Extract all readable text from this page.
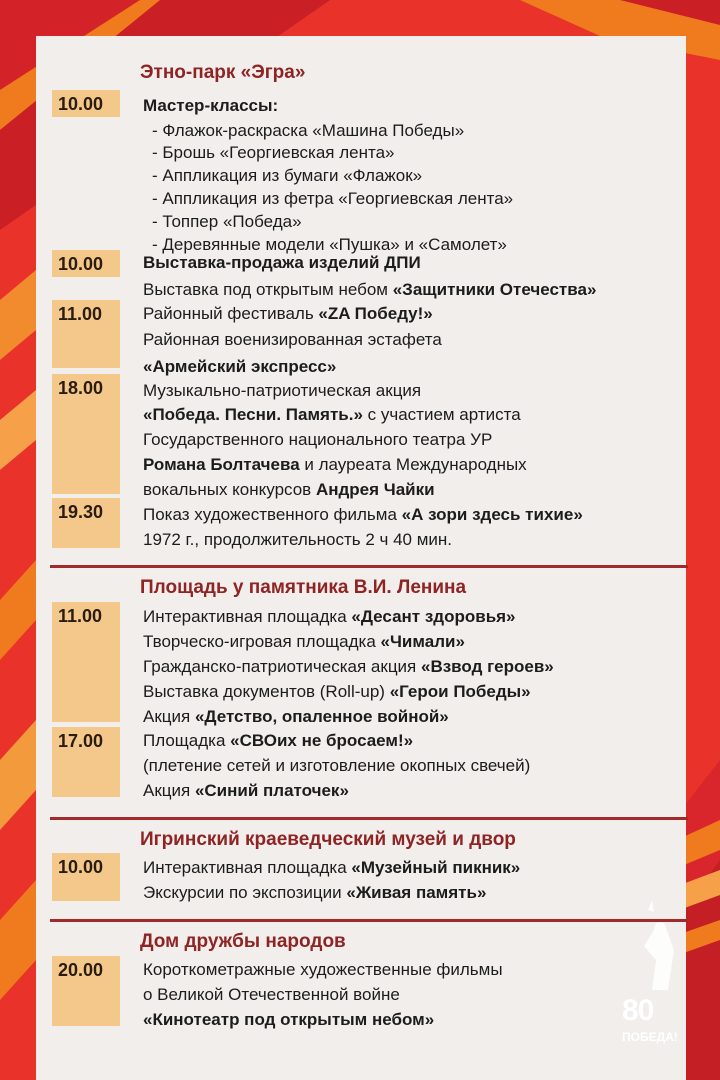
80
ПОБЕДА!
Этно-парк «Эгра»
10.00	Мастер-классы:
- Флажок-раскраска «Машина Победы»
- Брошь «Георгиевская лента»
- Аппликация из бумаги «Флажок»
- Аппликация из фетра «Георгиевская лента»
- Топпер «Победа»
- Деревянные модели «Пушка» и «Самолет»
10.00	Выставка-продажа изделий ДПИ
Выставка под открытым небом «Защитники Отечества»
11.00	Районный фестиваль «ZA Победу!»
Районная военизированная эстафета
«Армейский экспресс»
18.00	Музыкально-патриотическая акция
«Победа. Песни. Память.» с участием артиста
Государственного национального театра УР
Романа Болтачева и лауреата Международных
вокальных конкурсов Андрея Чайки
19.30	Показ художественного фильма «А зори здесь тихие»
1972 г., продолжительность 2 ч 40 мин.
Площадь у памятника В.И. Ленина
11.00	Интерактивная площадка «Десант здоровья»
Творческо-игровая площадка «Чимали»
Гражданско-патриотическая акция «Взвод героев»
Выставка документов (Roll-up) «Герои Победы»
Акция «Детство, опаленное войной»
17.00	Площадка «СВОих не бросаем!»
(плетение сетей и изготовление окопных свечей)
Акция «Синий платочек»
Игринский краеведческий музей и двор
10.00	Интерактивная площадка «Музейный пикник»
Экскурсии по экспозиции «Живая память»
Дом дружбы народов
20.00	Короткометражные художественные фильмы
о Великой Отечественной войне
«Кинотеатр под открытым небом»
